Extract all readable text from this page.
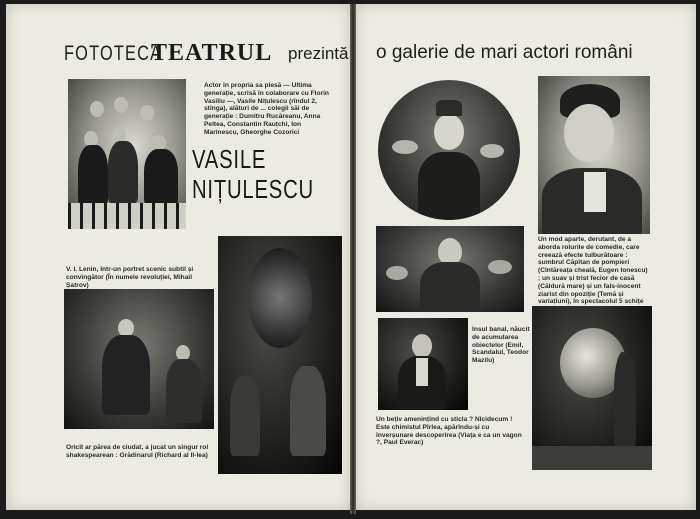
FOTOTECA
TEATRUL prezintă
Actor în propria sa piesă — Ultima generație, scrisă în colaborare cu Florin Vasiliu —, Vasile Nițulescu (rîndul 2, stînga), alături de ... colegii săi de generație : Dumitru Rucăreanu, Anna Peltea, Constantin Rauțchi, Ion Marinescu, Gheorghe Cozorici
VASILE
NIȚULESCU
V. I. Lenin, într-un portret scenic subtil și convingător (În numele revoluției, Mihail Șatrov)
Oricît ar părea de ciudat, a jucat un singur rol shakespearean : Grădinarul (Richard al II-lea)
o galerie de mari actori români
Un mod aparte, derutant, de a aborda rolurile de comedie, care creează efecte tulburătoare : sumbrul Căpitan de pompieri (Cîntăreața cheală, Eugen Ionescu) ; un suav și trist fecior de casă (Căldură mare) și un fals-inocent ziarist din opoziție (Temă și variațiuni), în spectacolul 5 schițe
Insul banal, năucit de acumularea obiectelor (Emil, Scandalul, Teodor Mazilu)
Un bețiv amenințind cu sticla ? Nicidecum ! Este chimistul Pîrlea, apărîndu-și cu înverșunare descoperirea (Viața e ca un vagon ?, Paul Everac)
